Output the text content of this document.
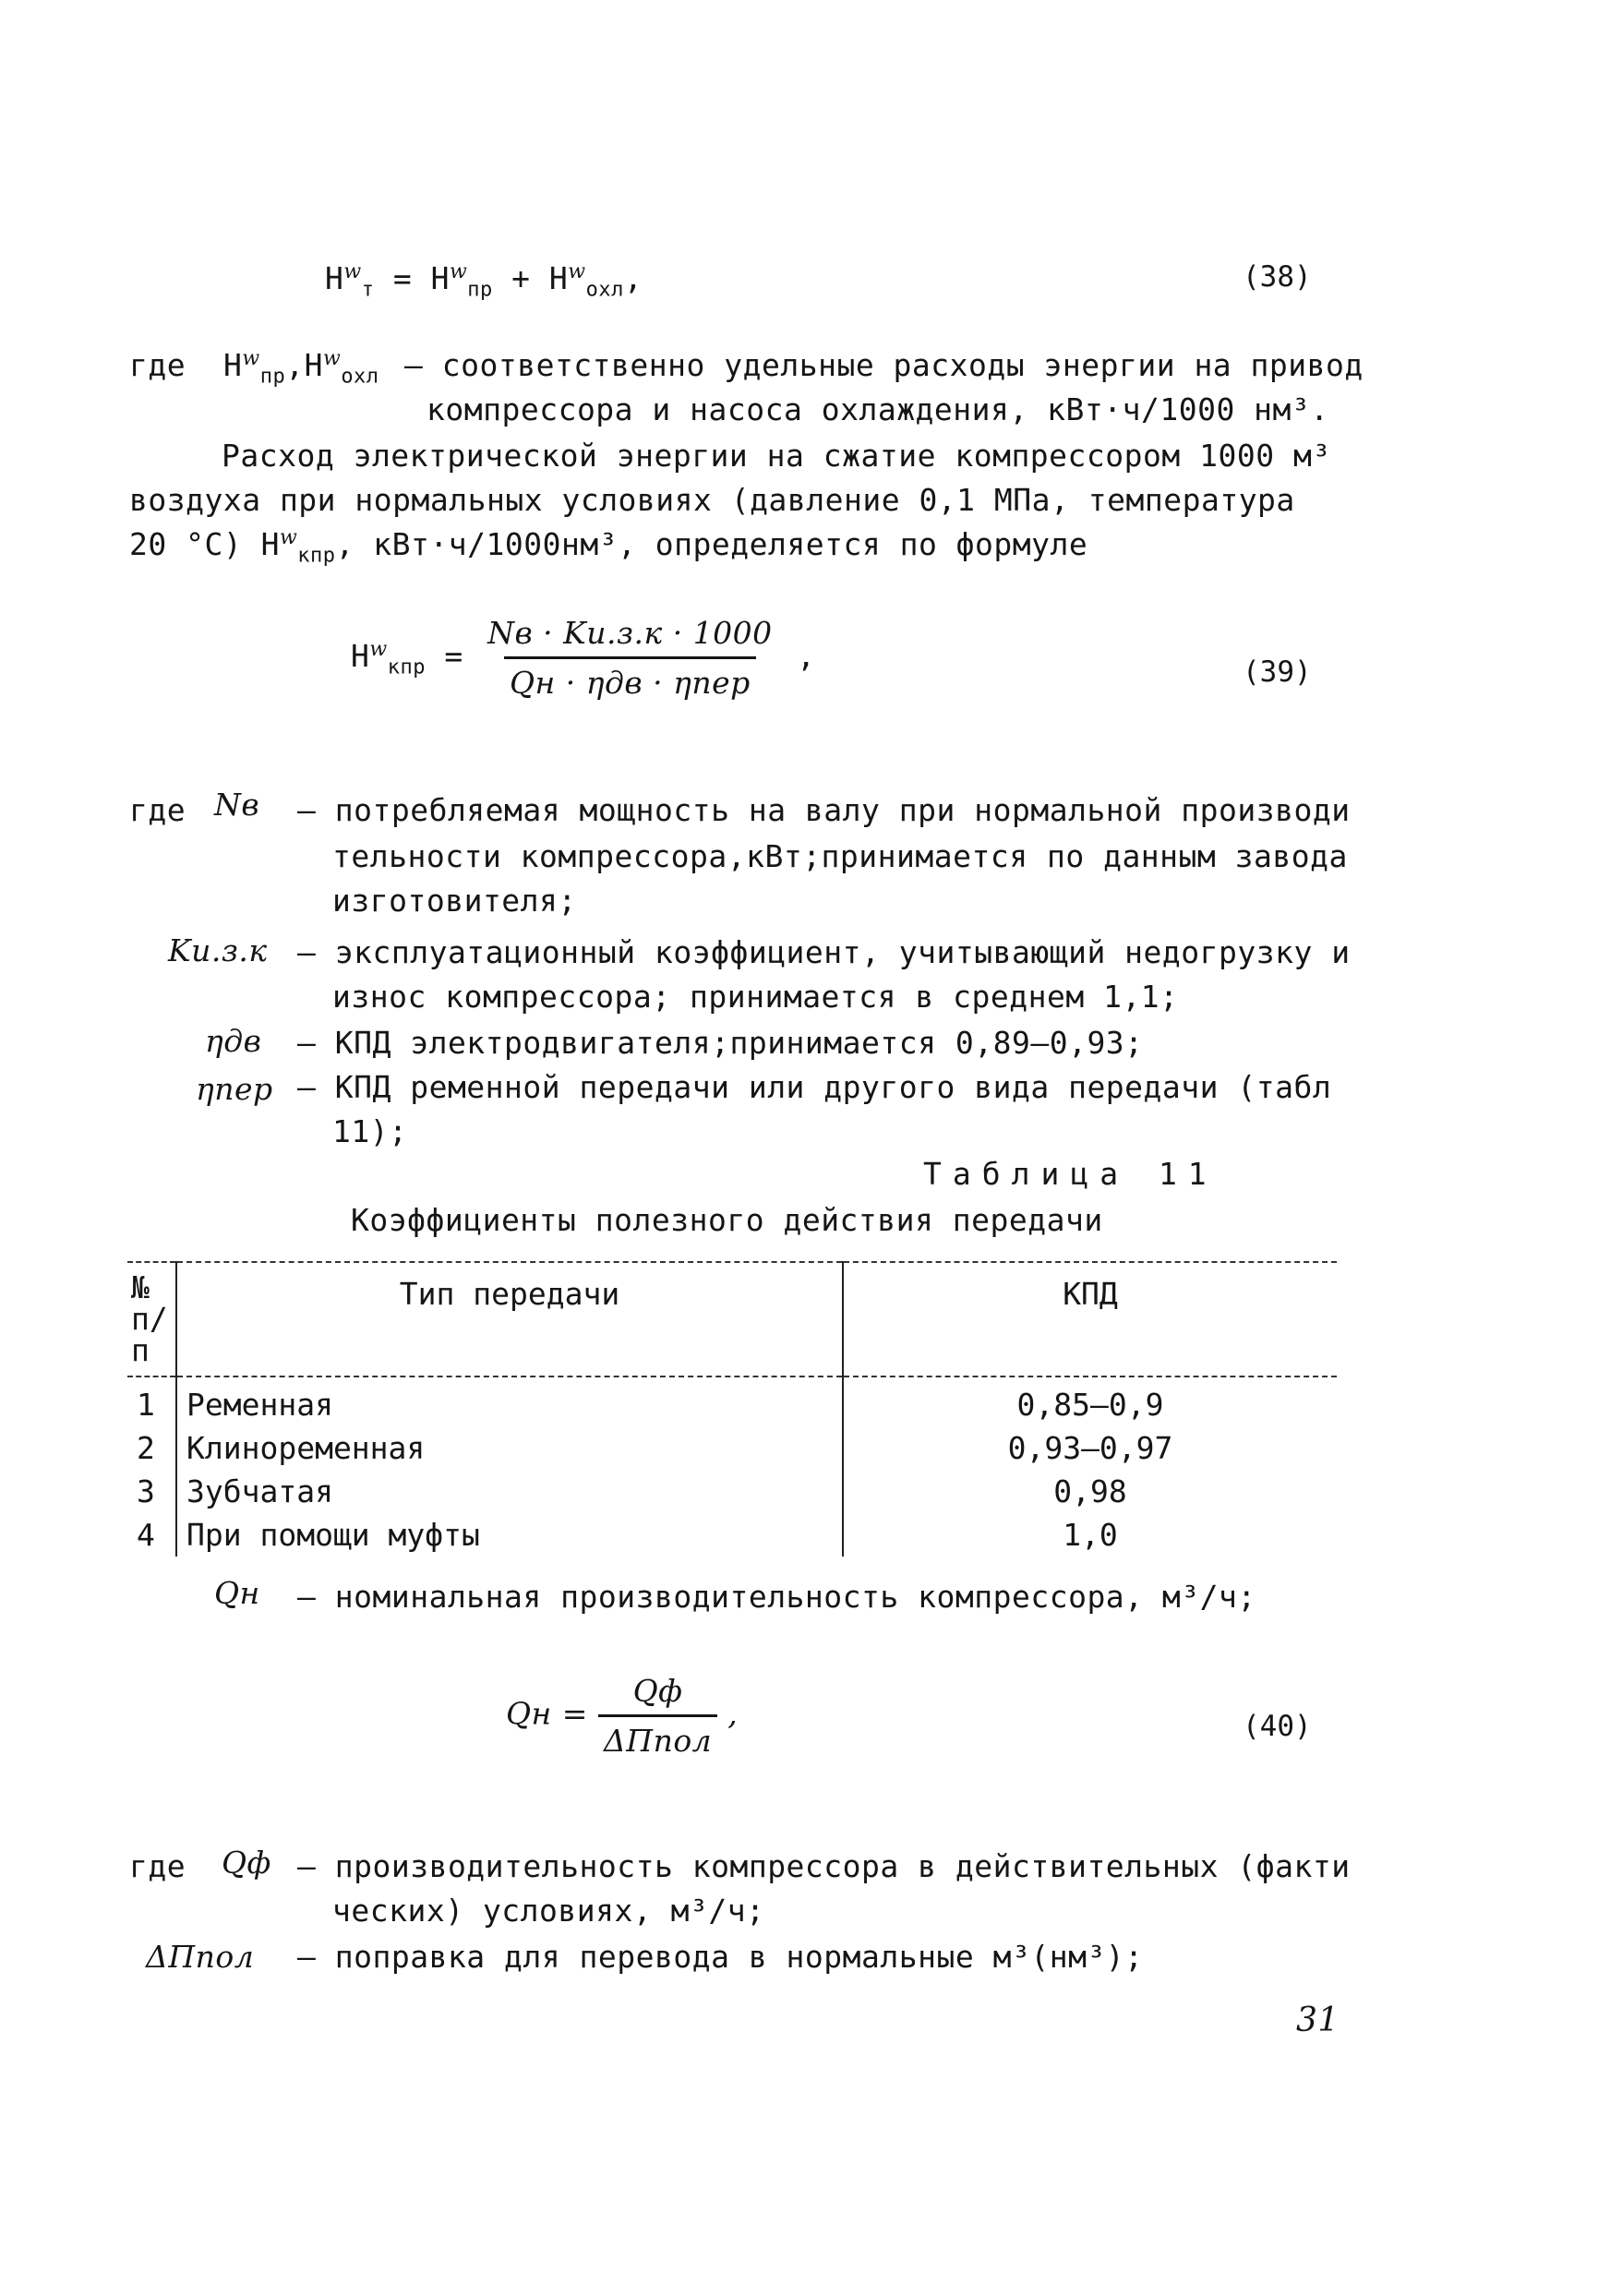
$Н^w_т = Н^w_{пр} + Н^w_{охл}$,	(38)
где $Н^w_{пр},Н^w_{охл}$ – соответственно удельные расходы энергии на привод
компрессора и насоса охлаждения, кВт·ч/1000 нм³.
Расход электрической энергии на сжатие компрессором 1000 м³
воздуха при нормальных условиях (давление 0,1 МПа, температура
20 °С) $Н^w_{кпр}$, кВт·ч/1000нм³, определяется по формуле
$Н^w_{кпр} = \frac{Nв \cdot Kи.з.к \cdot 1000}{\text{Qн · ηдв · ηпер}}$ ,	(39)
где Nв – потребляемая мощность на валу при нормальной производи
тельности компрессора,кВт;принимается по данным завода
изготовителя;
Kи.з.к – эксплуатационный коэффициент, учитывающий недогрузку и
износ компрессора; принимается в среднем 1,1;
ηдв – КПД электродвигателя;принимается 0,89–0,93;
ηпер – КПД ременной передачи или другого вида передачи (табл
11);
Таблица 11
Коэффициенты полезного действия передачи
№ п/п	Тип передачи	КПД
1	Ременная	0,85–0,9
2	Клиноременная	0,93–0,97
3	Зубчатая	0,98
4	При помощи муфты	1,0
Qн – номинальная производительность компрессора, м³/ч;
Qн = $\frac{Qф}{\text{ΔПпол}}$ ,	(40)
где Qф – производительность компрессора в действительных (факти
ческих) условиях, м³/ч;
ΔПпол – поправка для перевода в нормальные м³(нм³);
31
